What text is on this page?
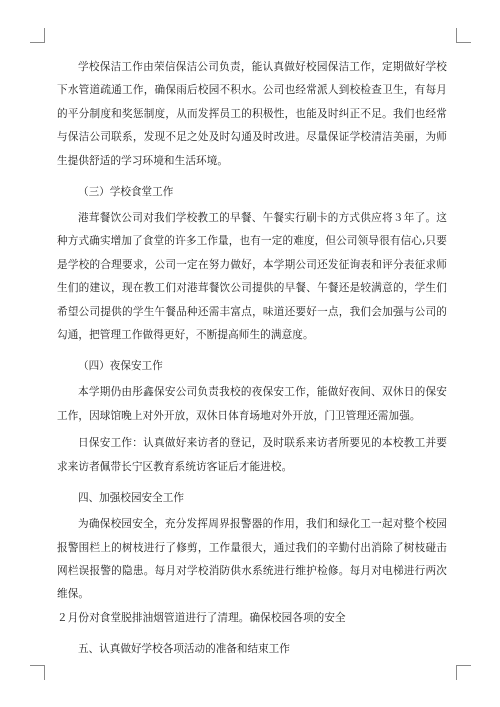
学校保洁工作由荣信保洁公司负责，能认真做好校园保洁工作，定期做好学校下水管道疏通工作，确保雨后校园不积水。公司也经常派人到校检查卫生，有每月的平分制度和奖惩制度，从而发挥员工的积极性，也能及时纠正不足。我们也经常与保洁公司联系，发现不足之处及时勾通及时改进。尽量保证学校清洁美丽，为师生提供舒适的学习环境和生活环境。

（三）学校食堂工作

港茸餐饮公司对我们学校教工的早餐、午餐实行刷卡的方式供应将３年了。这种方式确实增加了食堂的许多工作量，也有一定的难度，但公司领导很有信心,只要是学校的合理要求，公司一定在努力做好，本学期公司还发征询表和评分表征求师生们的建议，现在教工们对港茸餐饮公司提供的早餐、午餐还是较满意的，学生们希望公司提供的学生午餐品种还需丰富点，味道还要好一点，我们会加强与公司的勾通，把管理工作做得更好，不断提高师生的满意度。

（四）夜保安工作

本学期仍由彤鑫保安公司负责我校的夜保安工作，能做好夜间、双休日的保安工作，因球馆晚上对外开放，双休日体育场地对外开放，门卫管理还需加强。

日保安工作：认真做好来访者的登记，及时联系来访者所要见的本校教工并要求来访者佩带长宁区教育系统访客证后才能进校。

四、加强校园安全工作

为确保校园安全，充分发挥周界报警器的作用，我们和绿化工一起对整个校园报警围栏上的树枝进行了修剪，工作量很大，通过我们的辛勤付出消除了树枝碰击网栏误报警的隐患。每月对学校消防供水系统进行维护检修。每月对电梯进行两次维保。

２月份对食堂脱排油烟管道进行了清理。确保校园各项的安全

五、认真做好学校各项活动的准备和结束工作
